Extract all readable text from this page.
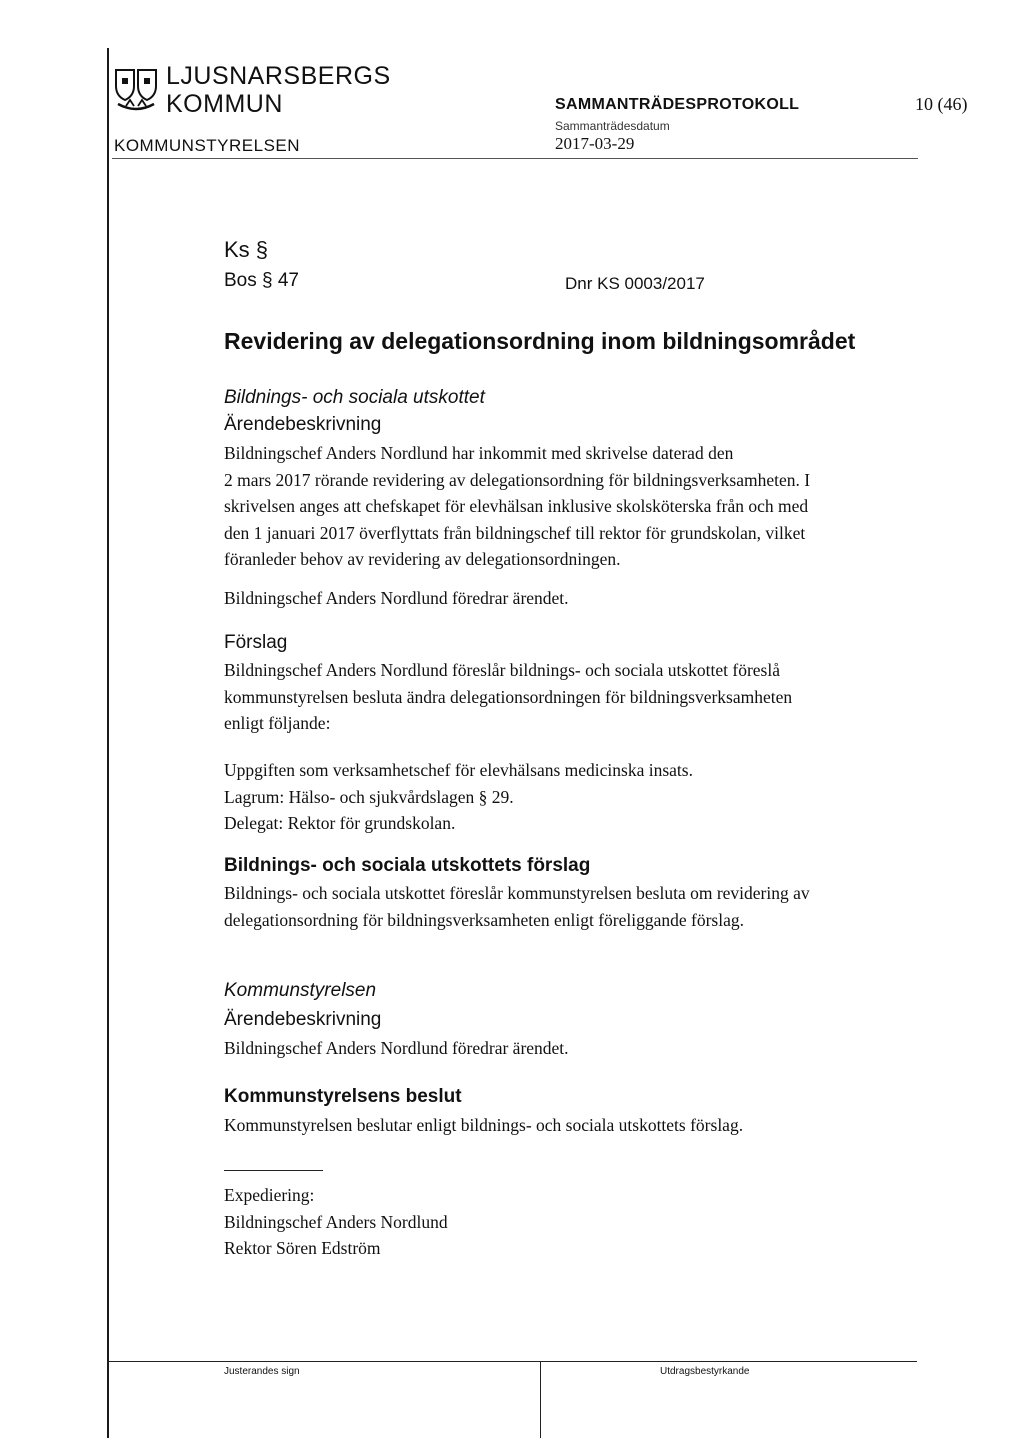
LJUSNARSBERGS
KOMMUN
KOMMUNSTYRELSEN
SAMMANTRÄDESPROTOKOLL
Sammanträdesdatum
2017-03-29
10 (46)
Ks §
Bos § 47	Dnr KS 0003/2017
Revidering av delegationsordning inom bildningsområdet
Bildnings- och sociala utskottet
Ärendebeskrivning

Bildningschef Anders Nordlund har inkommit med skrivelse daterad den

2 mars 2017 rörande revidering av delegationsordning för bildningsverksamheten. I

skrivelsen anges att chefskapet för elevhälsan inklusive skolsköterska från och med

den 1 januari 2017 överflyttats från bildningschef till rektor för grundskolan, vilket

föranleder behov av revidering av delegationsordningen.

Bildningschef Anders Nordlund föredrar ärendet.
Förslag

Bildningschef Anders Nordlund föreslår bildnings- och sociala utskottet föreslå

kommunstyrelsen besluta ändra delegationsordningen för bildningsverksamheten

enligt följande:

Uppgiften som verksamhetschef för elevhälsans medicinska insats.

Lagrum: Hälso- och sjukvårdslagen § 29.

Delegat: Rektor för grundskolan.

Bildnings- och sociala utskottets förslag

Bildnings- och sociala utskottet föreslår kommunstyrelsen besluta om revidering av

delegationsordning för bildningsverksamheten enligt föreliggande förslag.

Kommunstyrelsen
Ärendebeskrivning
Bildningschef Anders Nordlund föredrar ärendet.
Kommunstyrelsens beslut
Kommunstyrelsen beslutar enligt bildnings- och sociala utskottets förslag.

Expediering:

Bildningschef Anders Nordlund

Rektor Sören Edström

Justerandes sign	Utdragsbestyrkande
